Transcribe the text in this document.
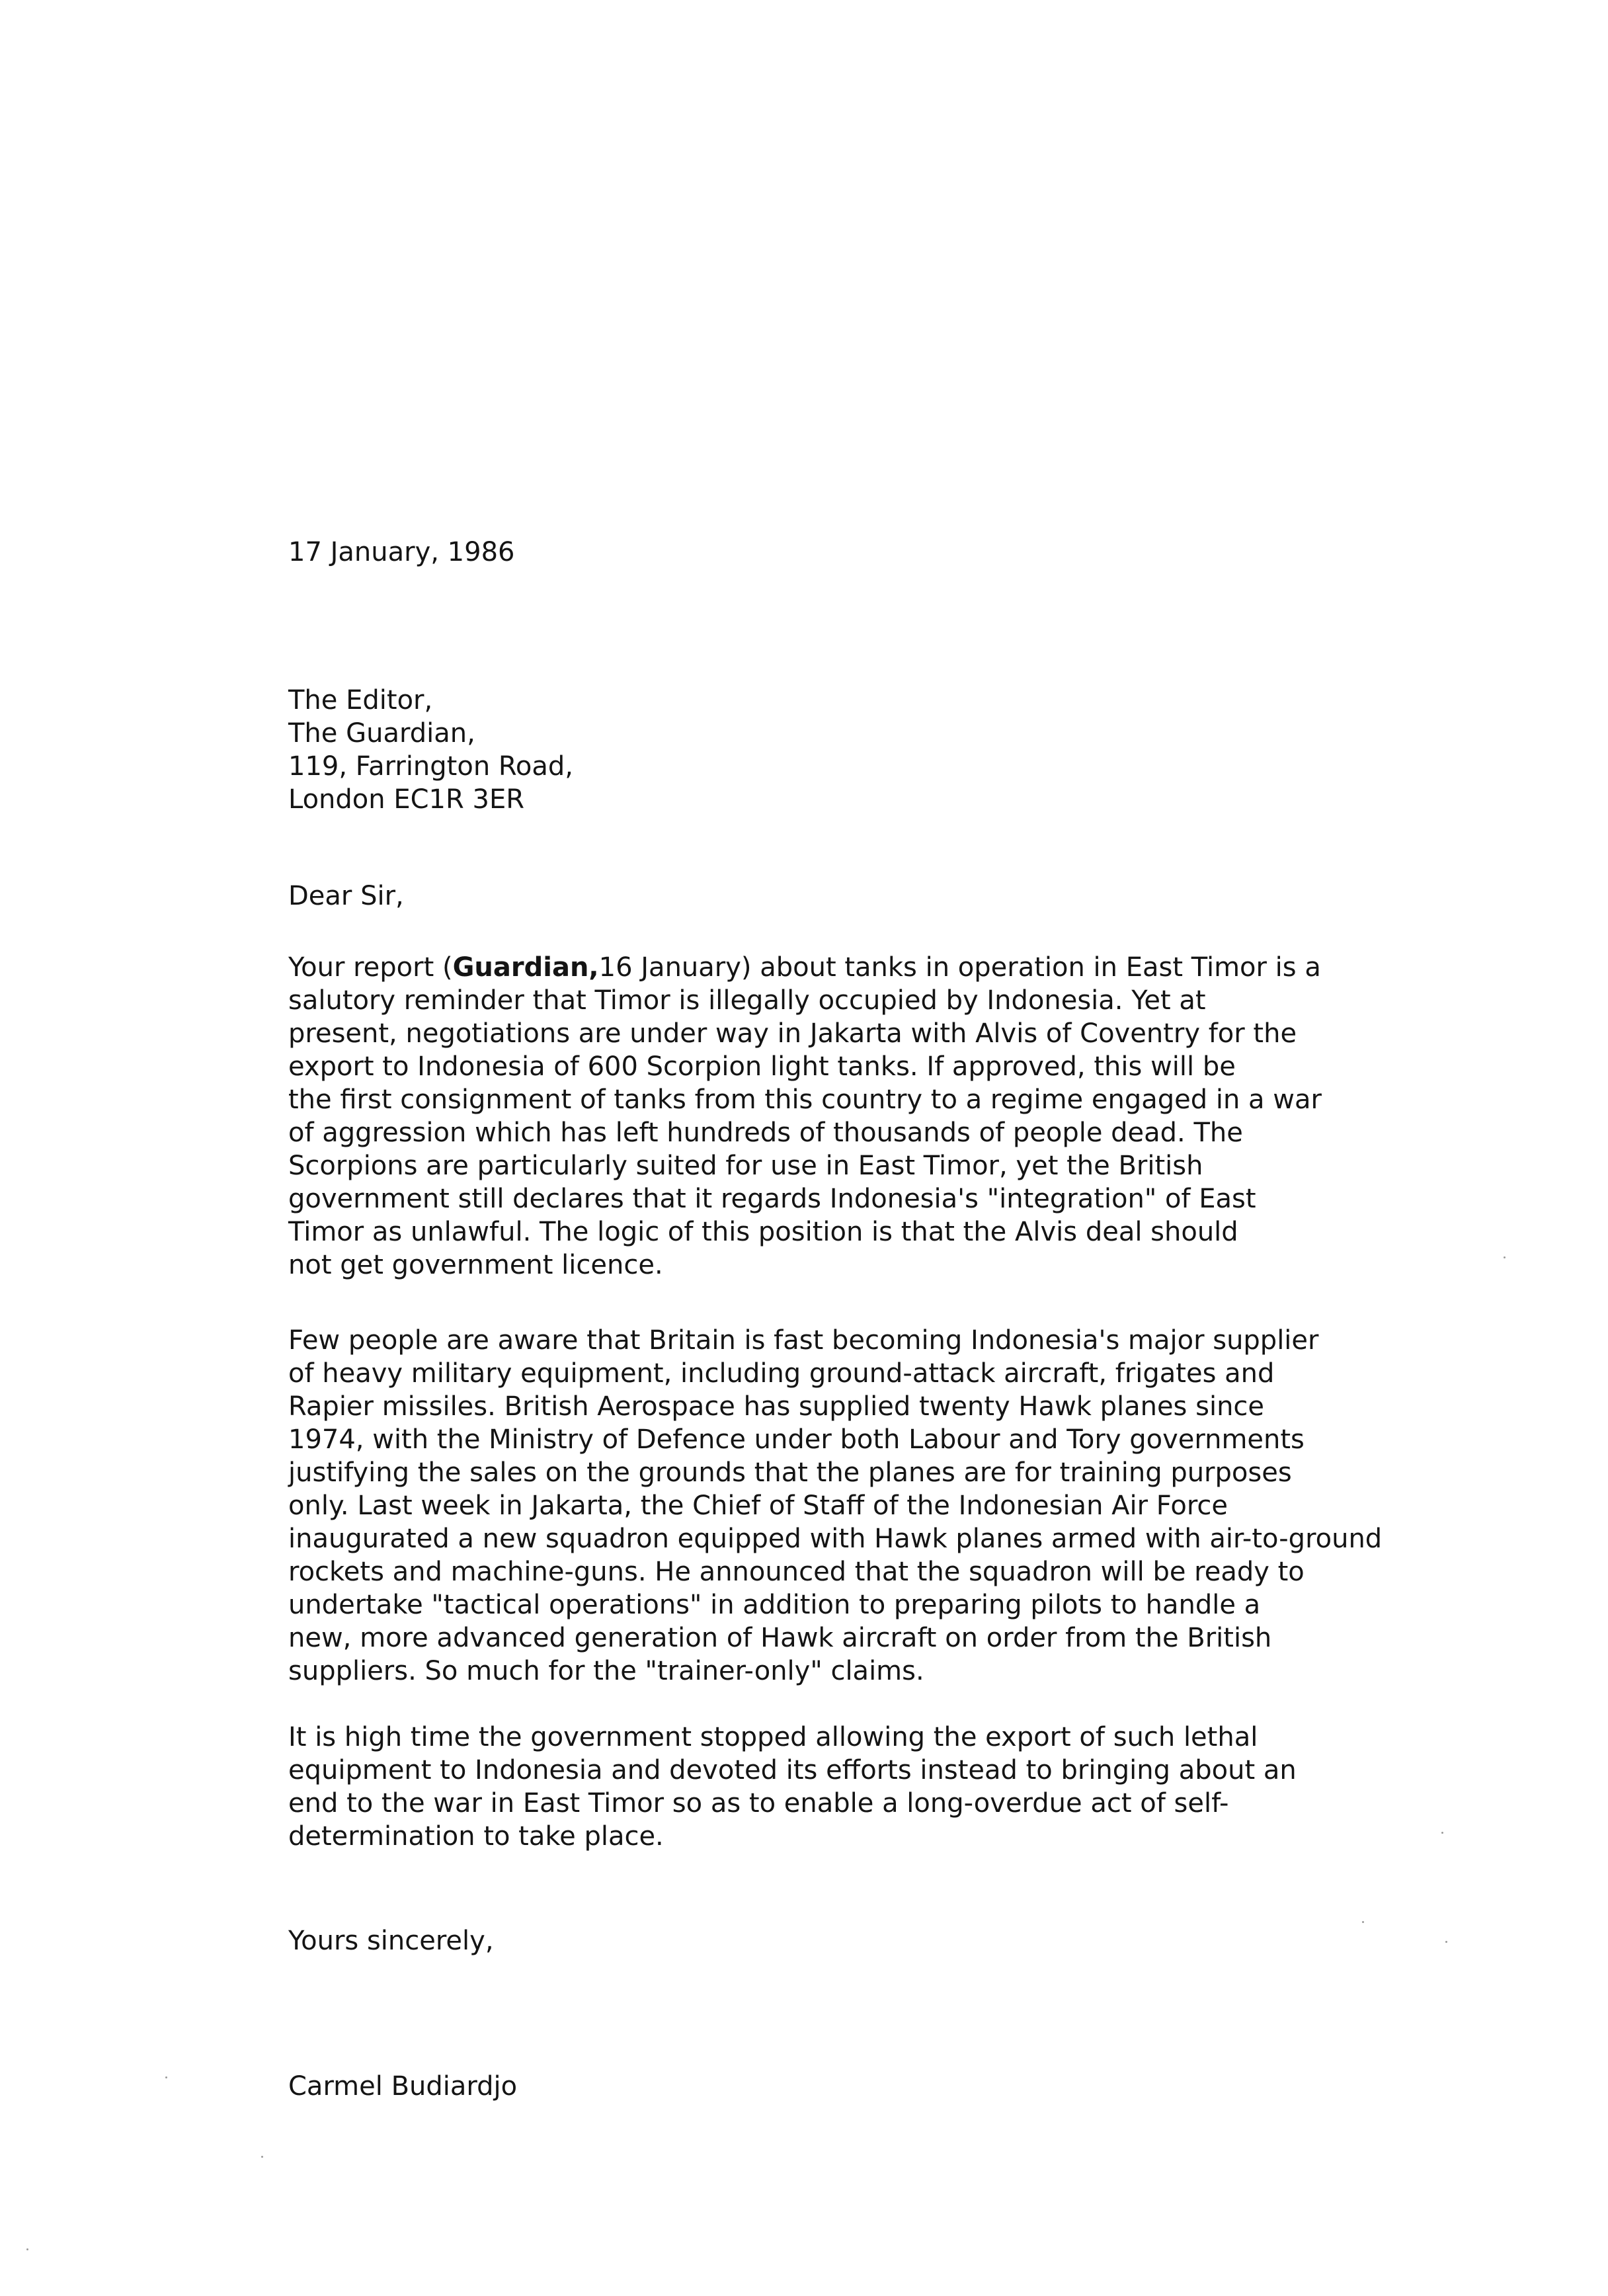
17 January, 1986

The Editor,
The Guardian,
119, Farrington Road,
London EC1R 3ER

Dear Sir,

Your report (Guardian,16 January) about tanks in operation in East Timor is a
salutory reminder that Timor is illegally occupied by Indonesia. Yet at
present, negotiations are under way in Jakarta with Alvis of Coventry for the
export to Indonesia of 600 Scorpion light tanks. If approved, this will be
the first consignment of tanks from this country to a regime engaged in a war
of aggression which has left hundreds of thousands of people dead. The
Scorpions are particularly suited for use in East Timor, yet the British
government still declares that it regards Indonesia's "integration" of East
Timor as unlawful. The logic of this position is that the Alvis deal should
not get government licence.

Few people are aware that Britain is fast becoming Indonesia's major supplier
of heavy military equipment, including ground-attack aircraft, frigates and
Rapier missiles. British Aerospace has supplied twenty Hawk planes since
1974, with the Ministry of Defence under both Labour and Tory governments
justifying the sales on the grounds that the planes are for training purposes
only. Last week in Jakarta, the Chief of Staff of the Indonesian Air Force
inaugurated a new squadron equipped with Hawk planes armed with air-to-ground
rockets and machine-guns. He announced that the squadron will be ready to
undertake "tactical operations" in addition to preparing pilots to handle a
new, more advanced generation of Hawk aircraft on order from the British
suppliers. So much for the "trainer-only" claims.

It is high time the government stopped allowing the export of such lethal
equipment to Indonesia and devoted its efforts instead to bringing about an
end to the war in East Timor so as to enable a long-overdue act of self-
determination to take place.

Yours sincerely,

Carmel Budiardjo
